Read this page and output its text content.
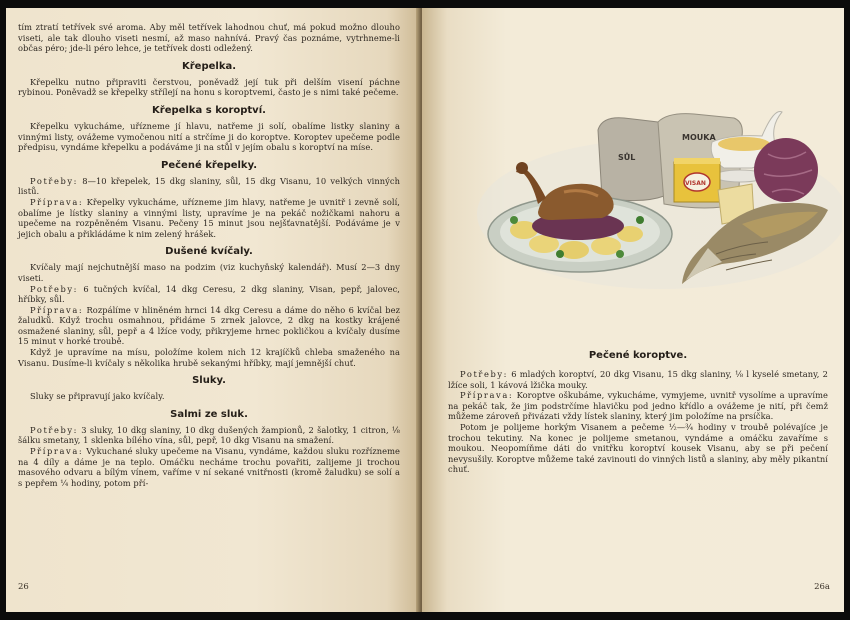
tím ztratí tetřívek své aroma. Aby měl tetřívek lahodnou chuť, má pokud možno dlouho viseti, ale tak dlouho viseti nesmí, až maso nahnívá. Pravý čas poznáme, vytrhneme-li občas péro; jde-li péro lehce, je tetřívek dosti odležený.

Křepelka.

Křepelku nutno připraviti čerstvou, poněvadž její tuk při delším visení páchne rybinou. Poněvadž se křepelky střílejí na honu s koroptvemi, často je s nimi také pečeme.

Křepelka s koroptví.

Křepelku vykucháme, uřízneme jí hlavu, natřeme ji solí, obalíme listky slaniny a vinnými listy, ovážeme vymočenou nití a strčíme ji do koroptve. Koroptev upečeme podle předpisu, vyndáme křepelku a podáváme ji na stůl v jejím obalu s koroptví na míse.

Pečené křepelky.

Potřeby: 8—10 křepelek, 15 dkg slaniny, sůl, 15 dkg Visanu, 10 velkých vinných listů.

Příprava: Křepelky vykucháme, uřízneme jim hlavy, natřeme je uvnitř i zevně solí, obalíme je lístky slaniny a vinnými listy, upravíme je na pekáč nožičkami nahoru a upečeme na rozpěněném Visanu. Pečeny 15 minut jsou nejšťavnatější. Podáváme je v jejich obalu a přikládáme k nim zelený hrášek.

Dušené kvíčaly.

Kvíčaly mají nejchutnější maso na podzim (viz kuchyňský kalendář). Musí 2—3 dny viseti.

Potřeby: 6 tučných kvíčal, 14 dkg Ceresu, 2 dkg slaniny, Visan, pepř, jalovec, hříbky, sůl.

Příprava: Rozpálíme v hliněném hrnci 14 dkg Ceresu a dáme do něho 6 kvíčal bez žaludků. Když trochu osmahnou, přidáme 5 zrnek jalovce, 2 dkg na kostky krájené osmažené slaniny, sůl, pepř a 4 lžíce vody, přikryjeme hrnec pokličkou a kvíčaly dusíme 15 minut v horké troubě.

Když je upravíme na mísu, položíme kolem nich 12 krajíčků chleba smaženého na Visanu. Dusíme-li kvíčaly s několika hrubě sekanými hříbky, mají jemnější chuť.

Sluky.

Sluky se připravují jako kvíčaly.

Salmi ze sluk.

Potřeby: 3 sluky, 10 dkg slaniny, 10 dkg dušených žampionů, 2 šalotky, 1 citron, ⅛ šálku smetany, 1 sklenka bílého vína, sůl, pepř, 10 dkg Visanu na smažení.

Příprava: Vykuchané sluky upečeme na Visanu, vyndáme, každou sluku rozřízneme na 4 díly a dáme je na teplo. Omáčku necháme trochu povařiti, zalijeme ji trochou masového odvaru a bílým vínem, vaříme v ní sekané vnitřnosti (kromě žaludku) se solí a s pepřem ¼ hodiny, potom pří-

26
SŮL
MOUKA
VISAN
Pečené koroptve.

Potřeby: 6 mladých koroptví, 20 dkg Visanu, 15 dkg slaniny, ⅛ l kyselé smetany, 2 lžíce soli, 1 kávová lžička mouky.

Příprava: Koroptve oškubáme, vykucháme, vymyjeme, uvnitř vysolíme a upravíme na pekáč tak, že jim podstrčíme hlavičku pod jedno křídlo a ovážeme je nití, při čemž můžeme zároveň přivázati vždy lístek slaniny, který jim položíme na prsíčka.

Potom je polijeme horkým Visanem a pečeme ½—¾ hodiny v troubě polévajíce je trochou tekutiny. Na konec je polijeme smetanou, vyndáme a omáčku zavaříme s moukou. Neopomíňme dáti do vnitřku koroptví kousek Visanu, aby se při pečení nevysušily. Koroptve můžeme také zavinouti do vinných listů a slaniny, aby měly pikantní chuť.

26a
